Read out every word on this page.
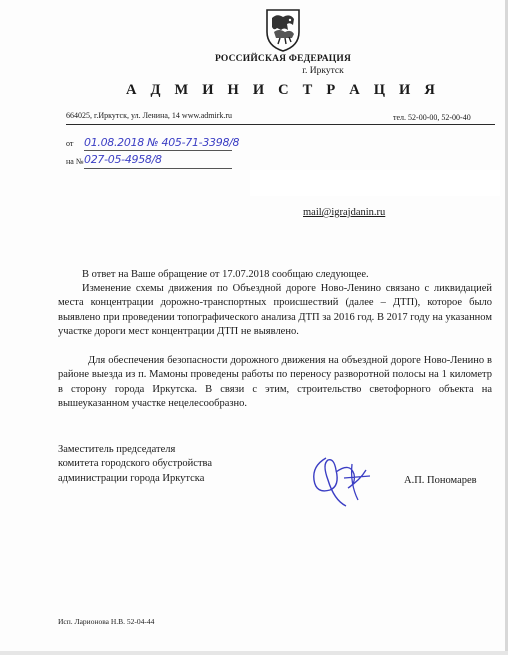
РОССИЙСКАЯ ФЕДЕРАЦИЯ
г. Иркутск
А Д М И Н И С Т Р А Ц И Я
664025, г.Иркутск, ул. Ленина, 14 www.admirk.ru	тел. 52-00-00, 52-00-40
от 01.08.2018 № 405-71-3398/8
на № 027-05-4958/8
mail@igrajdanin.ru
В ответ на Ваше обращение от 17.07.2018 сообщаю следующее.
Изменение схемы движения по Объездной дороге Ново-Ленино связано с ликвидацией места концентрации дорожно-транспортных происшествий (далее – ДТП), которое было выявлено при проведении топографического анализа ДТП за 2016 год. В 2017 году на указанном участке дороги мест концентрации ДТП не выявлено.
Для обеспечения безопасности дорожного движения на объездной дороге Ново-Ленино в районе выезда из п. Мамоны проведены работы по переносу разворотной полосы на 1 километр в сторону города Иркутска. В связи с этим, строительство светофорного объекта на вышеуказанном участке нецелесообразно.
Заместитель председателя
комитета городского обустройства
администрации города Иркутска	А.П. Пономарев
Исп. Ларионова Н.В. 52-04-44
